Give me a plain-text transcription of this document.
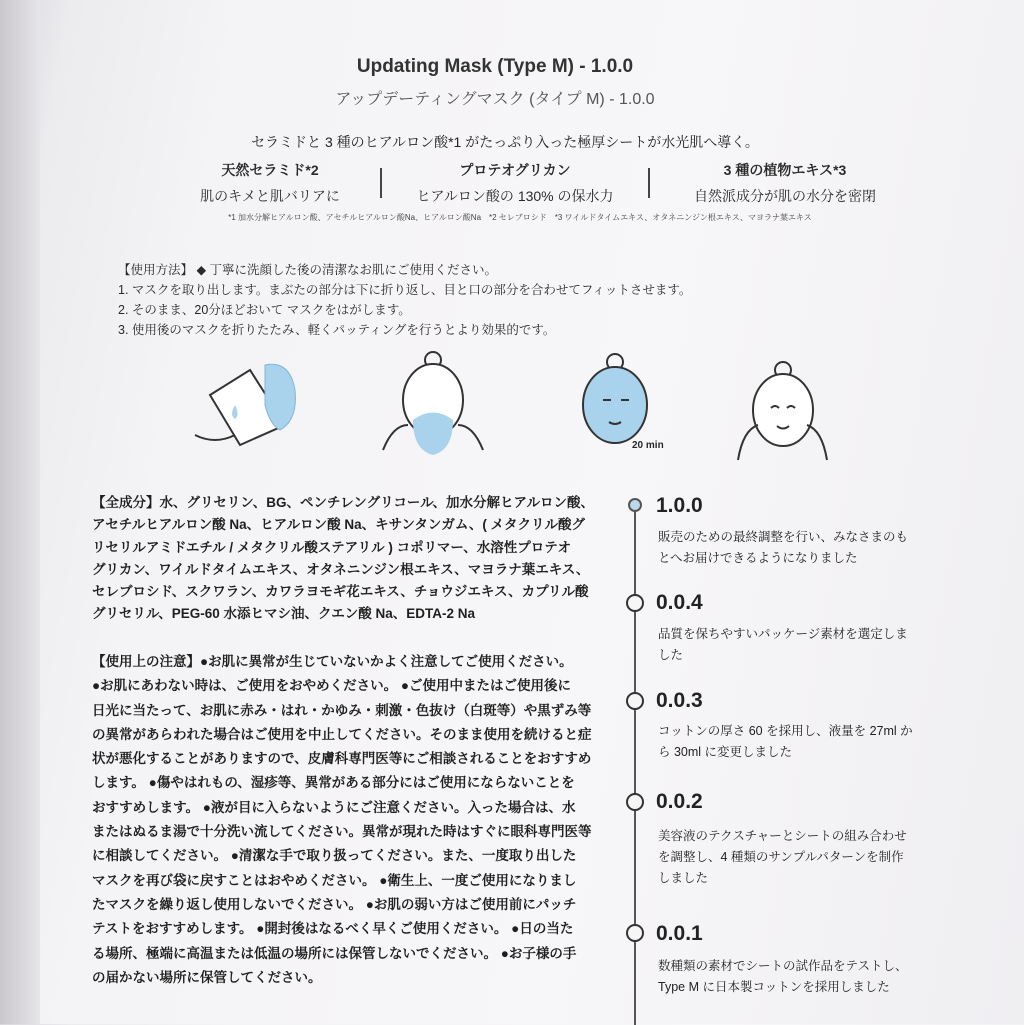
Updating Mask (Type M) - 1.0.0
アップデーティングマスク (タイプ M) - 1.0.0
セラミドと 3 種のヒアルロン酸*1 がたっぷり入った極厚シートが水光肌へ導く。
天然セラミド*2
肌のキメと肌バリアに
プロテオグリカン
ヒアルロン酸の 130% の保水力
3 種の植物エキス*3
自然派成分が肌の水分を密閉
*1 加水分解ヒアルロン酸、アセチルヒアルロン酸Na、ヒアルロン酸Na　*2 セレブロシド　*3 ワイルドタイムエキス、オタネニンジン根エキス、マヨラナ葉エキス
【使用方法】 ◆ 丁寧に洗顔した後の清潔なお肌にご使用ください。
1. マスクを取り出します。まぶたの部分は下に折り返し、目と口の部分を合わせてフィットさせます。
2. そのまま、20分ほどおいて マスクをはがします。
3. 使用後のマスクを折りたたみ、軽くパッティングを行うとより効果的です。
20 min
【全成分】水、グリセリン、BG、ペンチレングリコール、加水分解ヒアルロン酸、
アセチルヒアルロン酸 Na、ヒアルロン酸 Na、キサンタンガム、( メタクリル酸グ
リセリルアミドエチル / メタクリル酸ステアリル ) コポリマー、水溶性プロテオ
グリカン、ワイルドタイムエキス、オタネニンジン根エキス、マヨラナ葉エキス、
セレブロシド、スクワラン、カワラヨモギ花エキス、チョウジエキス、カプリル酸
グリセリル、PEG-60 水添ヒマシ油、クエン酸 Na、EDTA-2 Na
【使用上の注意】●お肌に異常が生じていないかよく注意してご使用ください。
●お肌にあわない時は、ご使用をおやめください。 ●ご使用中またはご使用後に
日光に当たって、お肌に赤み・はれ・かゆみ・刺激・色抜け（白斑等）や黒ずみ等
の異常があらわれた場合はご使用を中止してください。そのまま使用を続けると症
状が悪化することがありますので、皮膚科専門医等にご相談されることをおすすめ
します。 ●傷やはれもの、湿疹等、異常がある部分にはご使用にならないことを
おすすめします。 ●液が目に入らないようにご注意ください。入った場合は、水
またはぬるま湯で十分洗い流してください。異常が現れた時はすぐに眼科専門医等
に相談してください。 ●清潔な手で取り扱ってください。また、一度取り出した
マスクを再び袋に戻すことはおやめください。 ●衛生上、一度ご使用になりまし
たマスクを繰り返し使用しないでください。 ●お肌の弱い方はご使用前にパッチ
テストをおすすめします。 ●開封後はなるべく早くご使用ください。 ●日の当た
る場所、極端に高温または低温の場所には保管しないでください。 ●お子様の手
の届かない場所に保管してください。
1.0.0
販売のための最終調整を行い、みなさまのも
とへお届けできるようになりました
0.0.4
品質を保ちやすいパッケージ素材を選定しま
した
0.0.3
コットンの厚さ 60 を採用し、液量を 27ml か
ら 30ml に変更しました
0.0.2
美容液のテクスチャーとシートの組み合わせ
を調整し、4 種類のサンプルパターンを制作
しました
0.0.1
数種類の素材でシートの試作品をテストし、
Type M に日本製コットンを採用しました
